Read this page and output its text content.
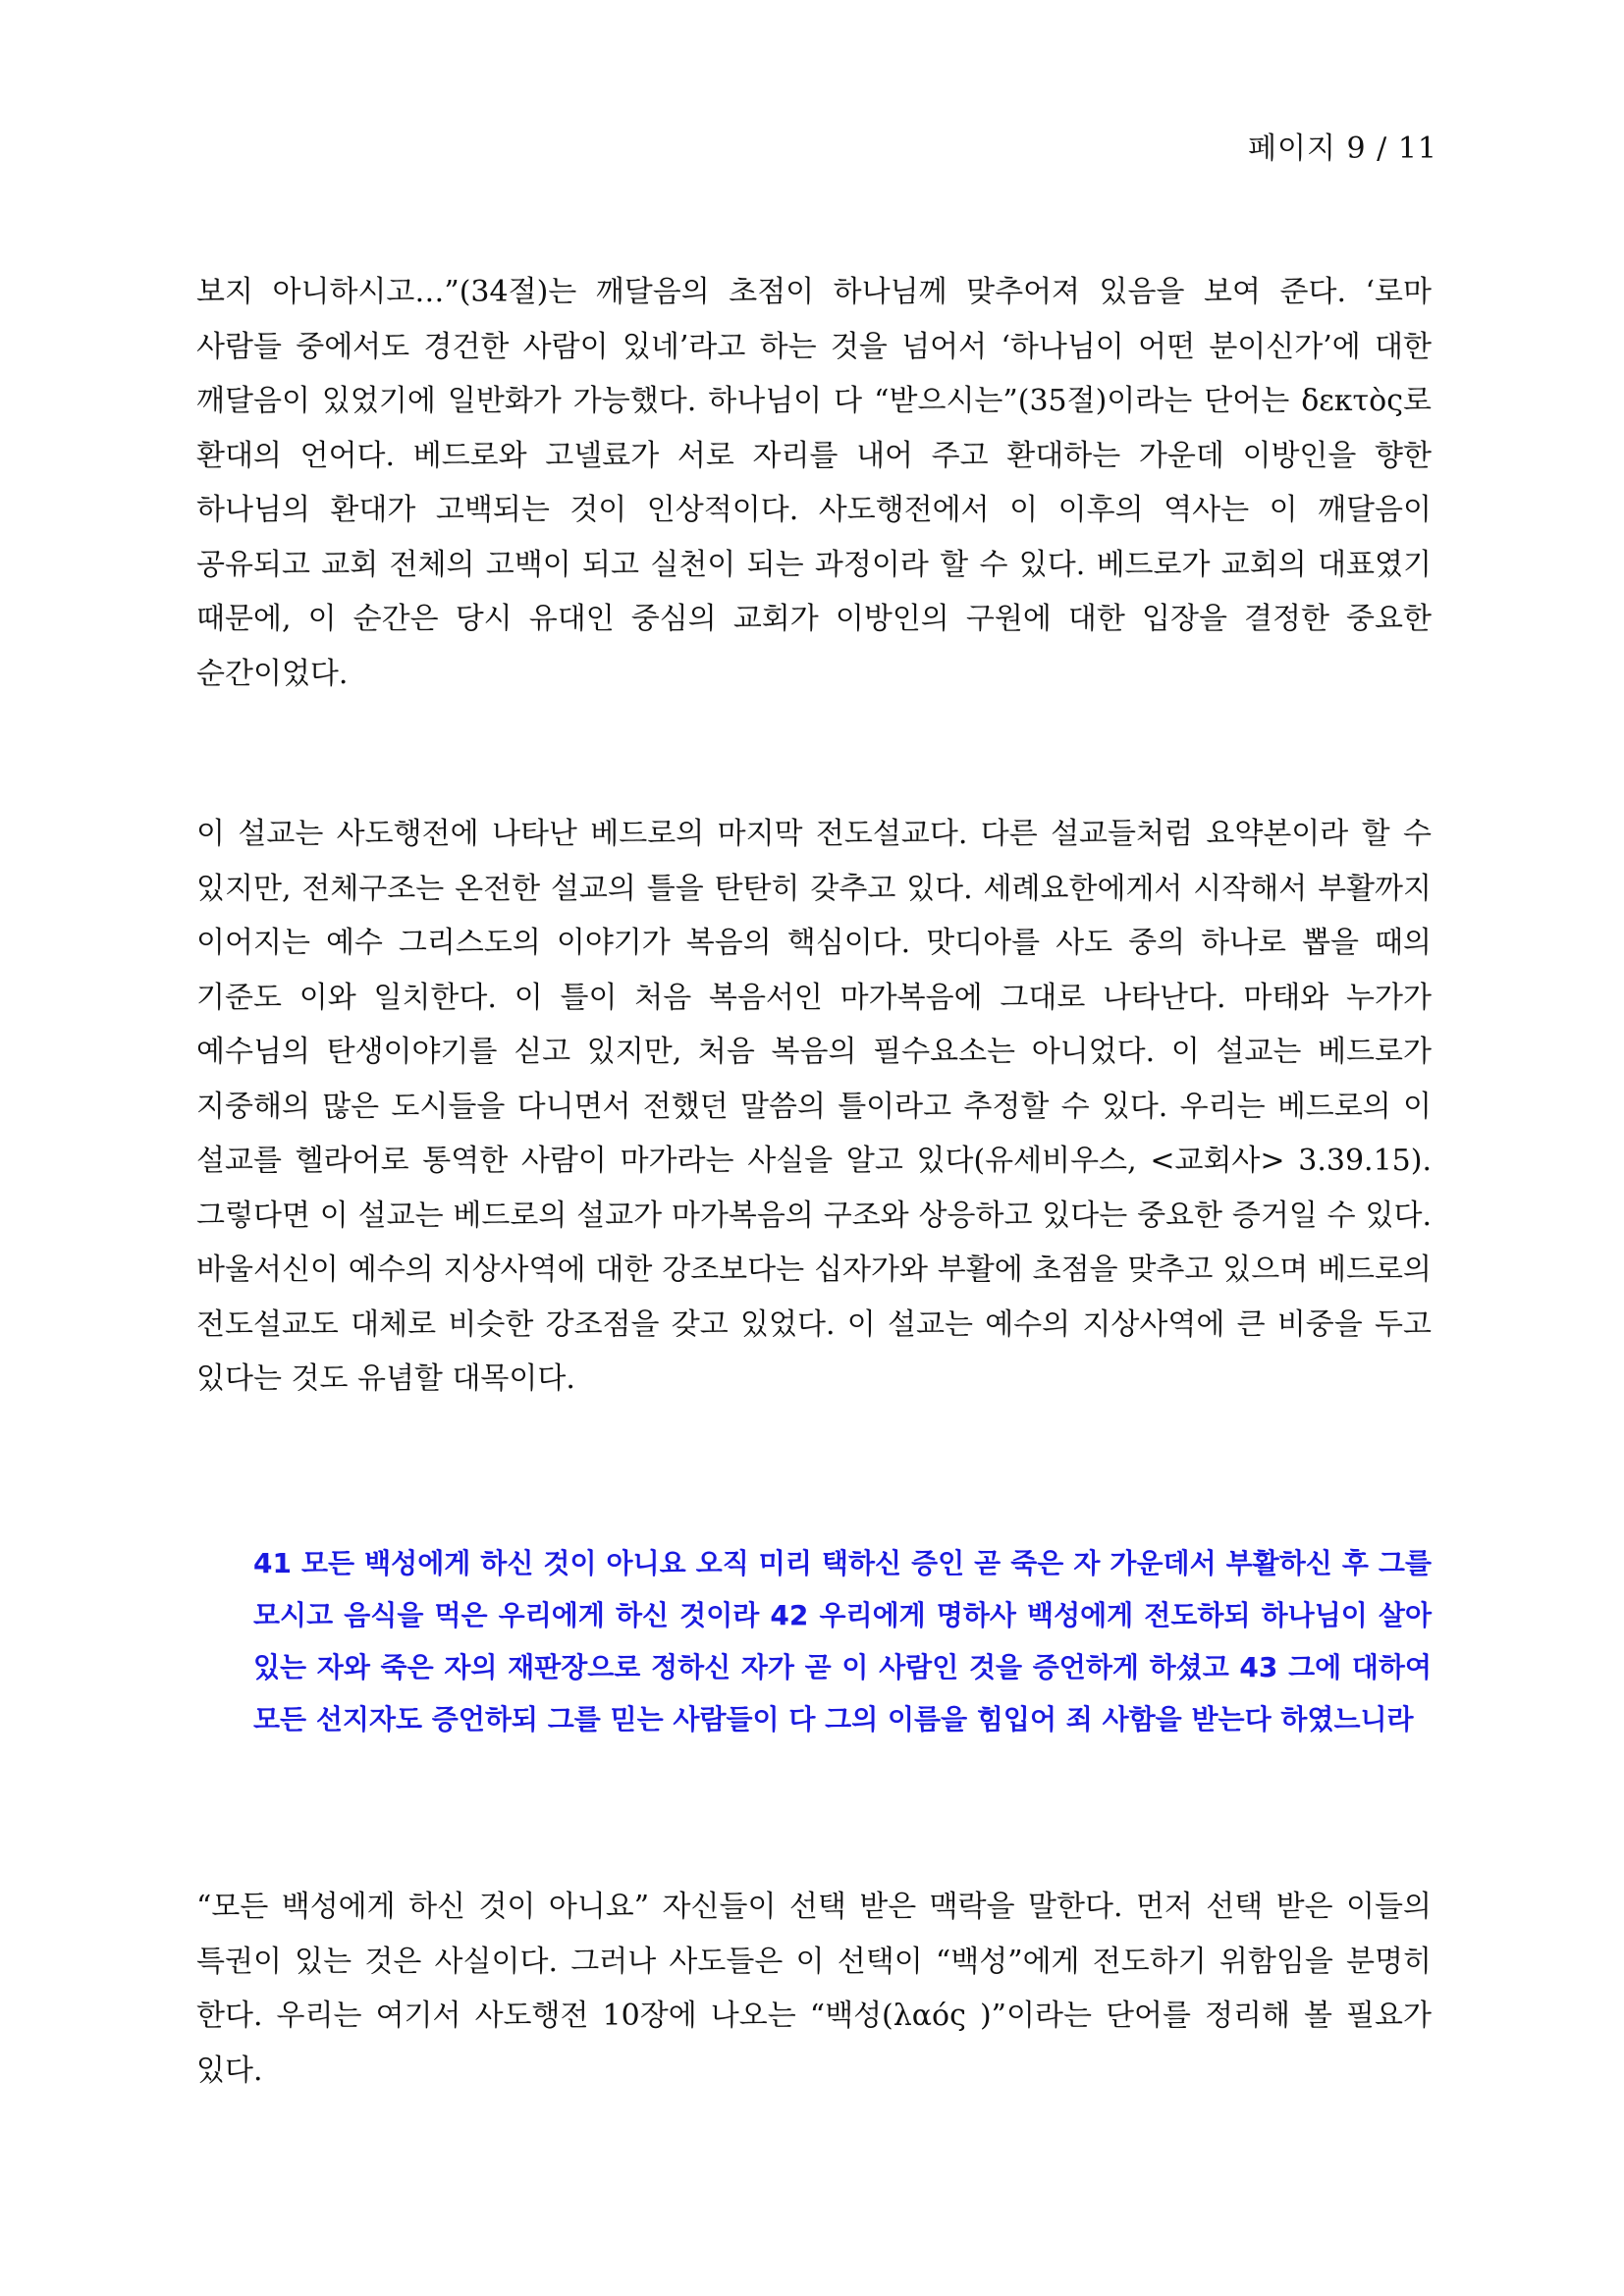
페이지 9 / 11

보지 아니하시고…”(34절)는 깨달음의 초점이 하나님께 맞추어져 있음을 보여 준다. ‘로마 사람들 중에서도 경건한 사람이 있네’라고 하는 것을 넘어서 ‘하나님이 어떤 분이신가’에 대한 깨달음이 있었기에 일반화가 가능했다. 하나님이 다 “받으시는”(35절)이라는 단어는 δεκτὸς로 환대의 언어다. 베드로와 고넬료가 서로 자리를 내어 주고 환대하는 가운데 이방인을 향한 하나님의 환대가 고백되는 것이 인상적이다. 사도행전에서 이 이후의 역사는 이 깨달음이 공유되고 교회 전체의 고백이 되고 실천이 되는 과정이라 할 수 있다. 베드로가 교회의 대표였기 때문에, 이 순간은 당시 유대인 중심의 교회가 이방인의 구원에 대한 입장을 결정한 중요한 순간이었다.

이 설교는 사도행전에 나타난 베드로의 마지막 전도설교다. 다른 설교들처럼 요약본이라 할 수 있지만, 전체구조는 온전한 설교의 틀을 탄탄히 갖추고 있다. 세례요한에게서 시작해서 부활까지 이어지는 예수 그리스도의 이야기가 복음의 핵심이다. 맛디아를 사도 중의 하나로 뽑을 때의 기준도 이와 일치한다. 이 틀이 처음 복음서인 마가복음에 그대로 나타난다. 마태와 누가가 예수님의 탄생이야기를 싣고 있지만, 처음 복음의 필수요소는 아니었다. 이 설교는 베드로가 지중해의 많은 도시들을 다니면서 전했던 말씀의 틀이라고 추정할 수 있다. 우리는 베드로의 이 설교를 헬라어로 통역한 사람이 마가라는 사실을 알고 있다(유세비우스, <교회사> 3.39.15). 그렇다면 이 설교는 베드로의 설교가 마가복음의 구조와 상응하고 있다는 중요한 증거일 수 있다. 바울서신이 예수의 지상사역에 대한 강조보다는 십자가와 부활에 초점을 맞추고 있으며 베드로의 전도설교도 대체로 비슷한 강조점을 갖고 있었다. 이 설교는 예수의 지상사역에 큰 비중을 두고 있다는 것도 유념할 대목이다.

41 모든 백성에게 하신 것이 아니요 오직 미리 택하신 증인 곧 죽은 자 가운데서 부활하신 후 그를 모시고 음식을 먹은 우리에게 하신 것이라 42 우리에게 명하사 백성에게 전도하되 하나님이 살아 있는 자와 죽은 자의 재판장으로 정하신 자가 곧 이 사람인 것을 증언하게 하셨고 43 그에 대하여 모든 선지자도 증언하되 그를 믿는 사람들이 다 그의 이름을 힘입어 죄 사함을 받는다 하였느니라

“모든 백성에게 하신 것이 아니요” 자신들이 선택 받은 맥락을 말한다. 먼저 선택 받은 이들의 특권이 있는 것은 사실이다. 그러나 사도들은 이 선택이 “백성”에게 전도하기 위함임을 분명히 한다. 우리는 여기서 사도행전 10장에 나오는 “백성(λαός )”이라는 단어를 정리해 볼 필요가 있다.
